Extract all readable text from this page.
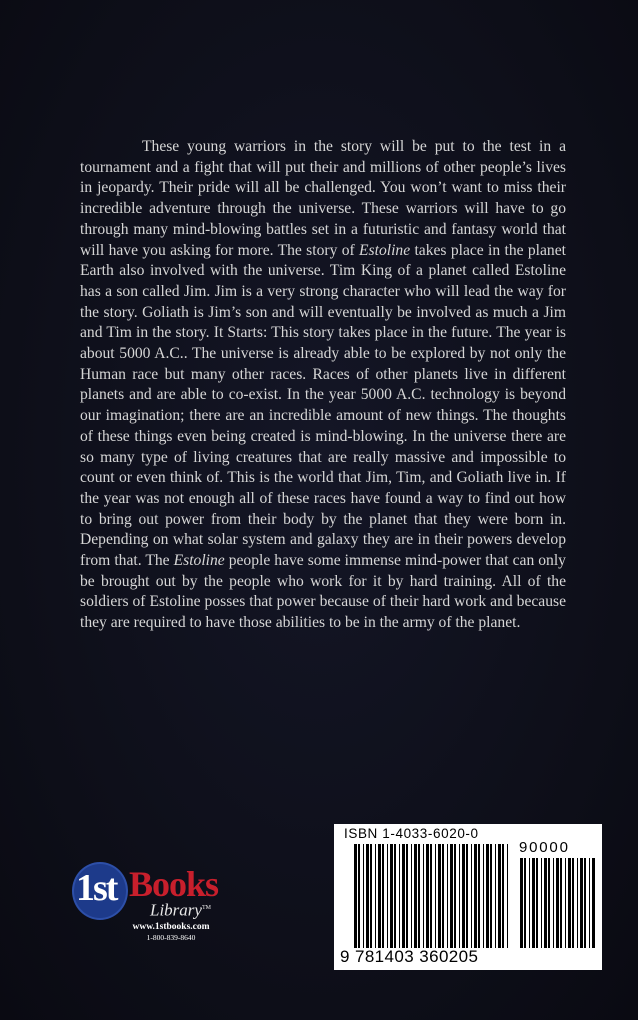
These young warriors in the story will be put to the test in a tournament and a fight that will put their and millions of other people’s lives in jeopardy. Their pride will all be challenged. You won’t want to miss their incredible adventure through the universe. These warriors will have to go through many mind-blowing battles set in a futuristic and fantasy world that will have you asking for more. The story of Estoline takes place in the planet Earth also involved with the universe. Tim King of a planet called Estoline has a son called Jim. Jim is a very strong character who will lead the way for the story. Goliath is Jim’s son and will eventually be involved as much a Jim and Tim in the story. It Starts: This story takes place in the future. The year is about 5000 A.C.. The universe is already able to be explored by not only the Human race but many other races. Races of other planets live in different planets and are able to co-exist. In the year 5000 A.C. technology is beyond our imagination; there are an incredible amount of new things. The thoughts of these things even being created is mind-blowing. In the universe there are so many type of living creatures that are really massive and impossible to count or even think of. This is the world that Jim, Tim, and Goliath live in. If the year was not enough all of these races have found a way to find out how to bring out power from their body by the planet that they were born in. Depending on what solar system and galaxy they are in their powers develop from that. The Estoline people have some immense mind-power that can only be brought out by the people who work for it by hard training. All of the soldiers of Estoline posses that power because of their hard work and because they are required to have those abilities to be in the army of the planet.

1st Books
Library™
www.1stbooks.com
1-800-839-8640
ISBN 1-4033-6020-0
90000
9 781403 360205
